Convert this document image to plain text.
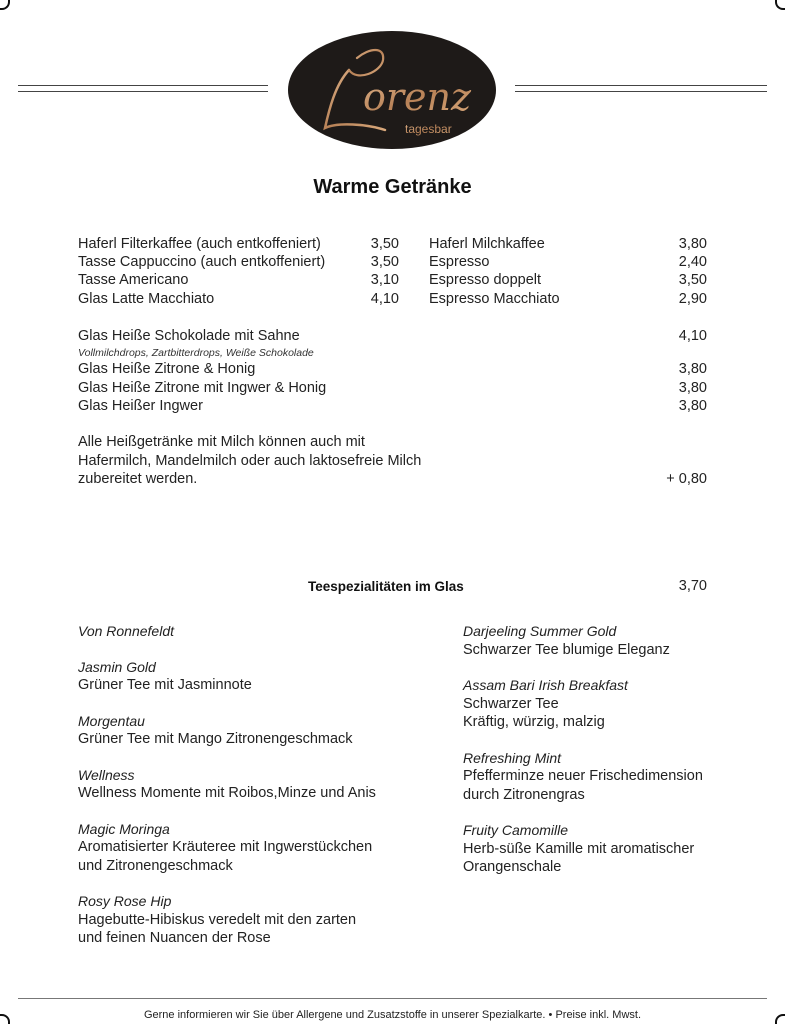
orenz
tagesbar
Warme Getränke
Haferl Filterkaffee (auch entkoffeniert)	3,50
Tasse Cappuccino (auch entkoffeniert)	3,50
Tasse Americano	3,10
Glas Latte Macchiato	4,10
Haferl Milchkaffee	3,80
Espresso	2,40
Espresso doppelt	3,50
Espresso Macchiato	2,90
Glas Heiße Schokolade mit Sahne	4,10
Vollmilchdrops, Zartbitterdrops, Weiße Schokolade
Glas Heiße Zitrone & Honig	3,80
Glas Heiße Zitrone mit Ingwer & Honig	3,80
Glas Heißer Ingwer	3,80
Alle Heißgetränke mit Milch können auch mit
Hafermilch, Mandelmilch oder auch laktosefreie Milch
zubereitet werden.	+ 0,80
Teespezialitäten im Glas	3,70
Von Ronnefeldt
Jasmin Gold
Grüner Tee mit Jasminnote
Morgentau
Grüner Tee mit Mango Zitronengeschmack
Wellness
Wellness Momente mit Roibos,Minze und Anis
Magic Moringa
Aromatisierter Kräuteree mit Ingwerstückchen
und Zitronengeschmack
Rosy Rose Hip
Hagebutte-Hibiskus veredelt mit den zarten
und feinen Nuancen der Rose
Darjeeling Summer Gold
Schwarzer Tee blumige Eleganz
Assam Bari Irish Breakfast
Schwarzer Tee
Kräftig, würzig, malzig
Refreshing Mint
Pfefferminze neuer Frischedimension
durch Zitronengras
Fruity Camomille
Herb-süße Kamille mit aromatischer
Orangenschale
Gerne informieren wir Sie über Allergene und Zusatzstoffe in unserer Spezialkarte. • Preise inkl. Mwst.
